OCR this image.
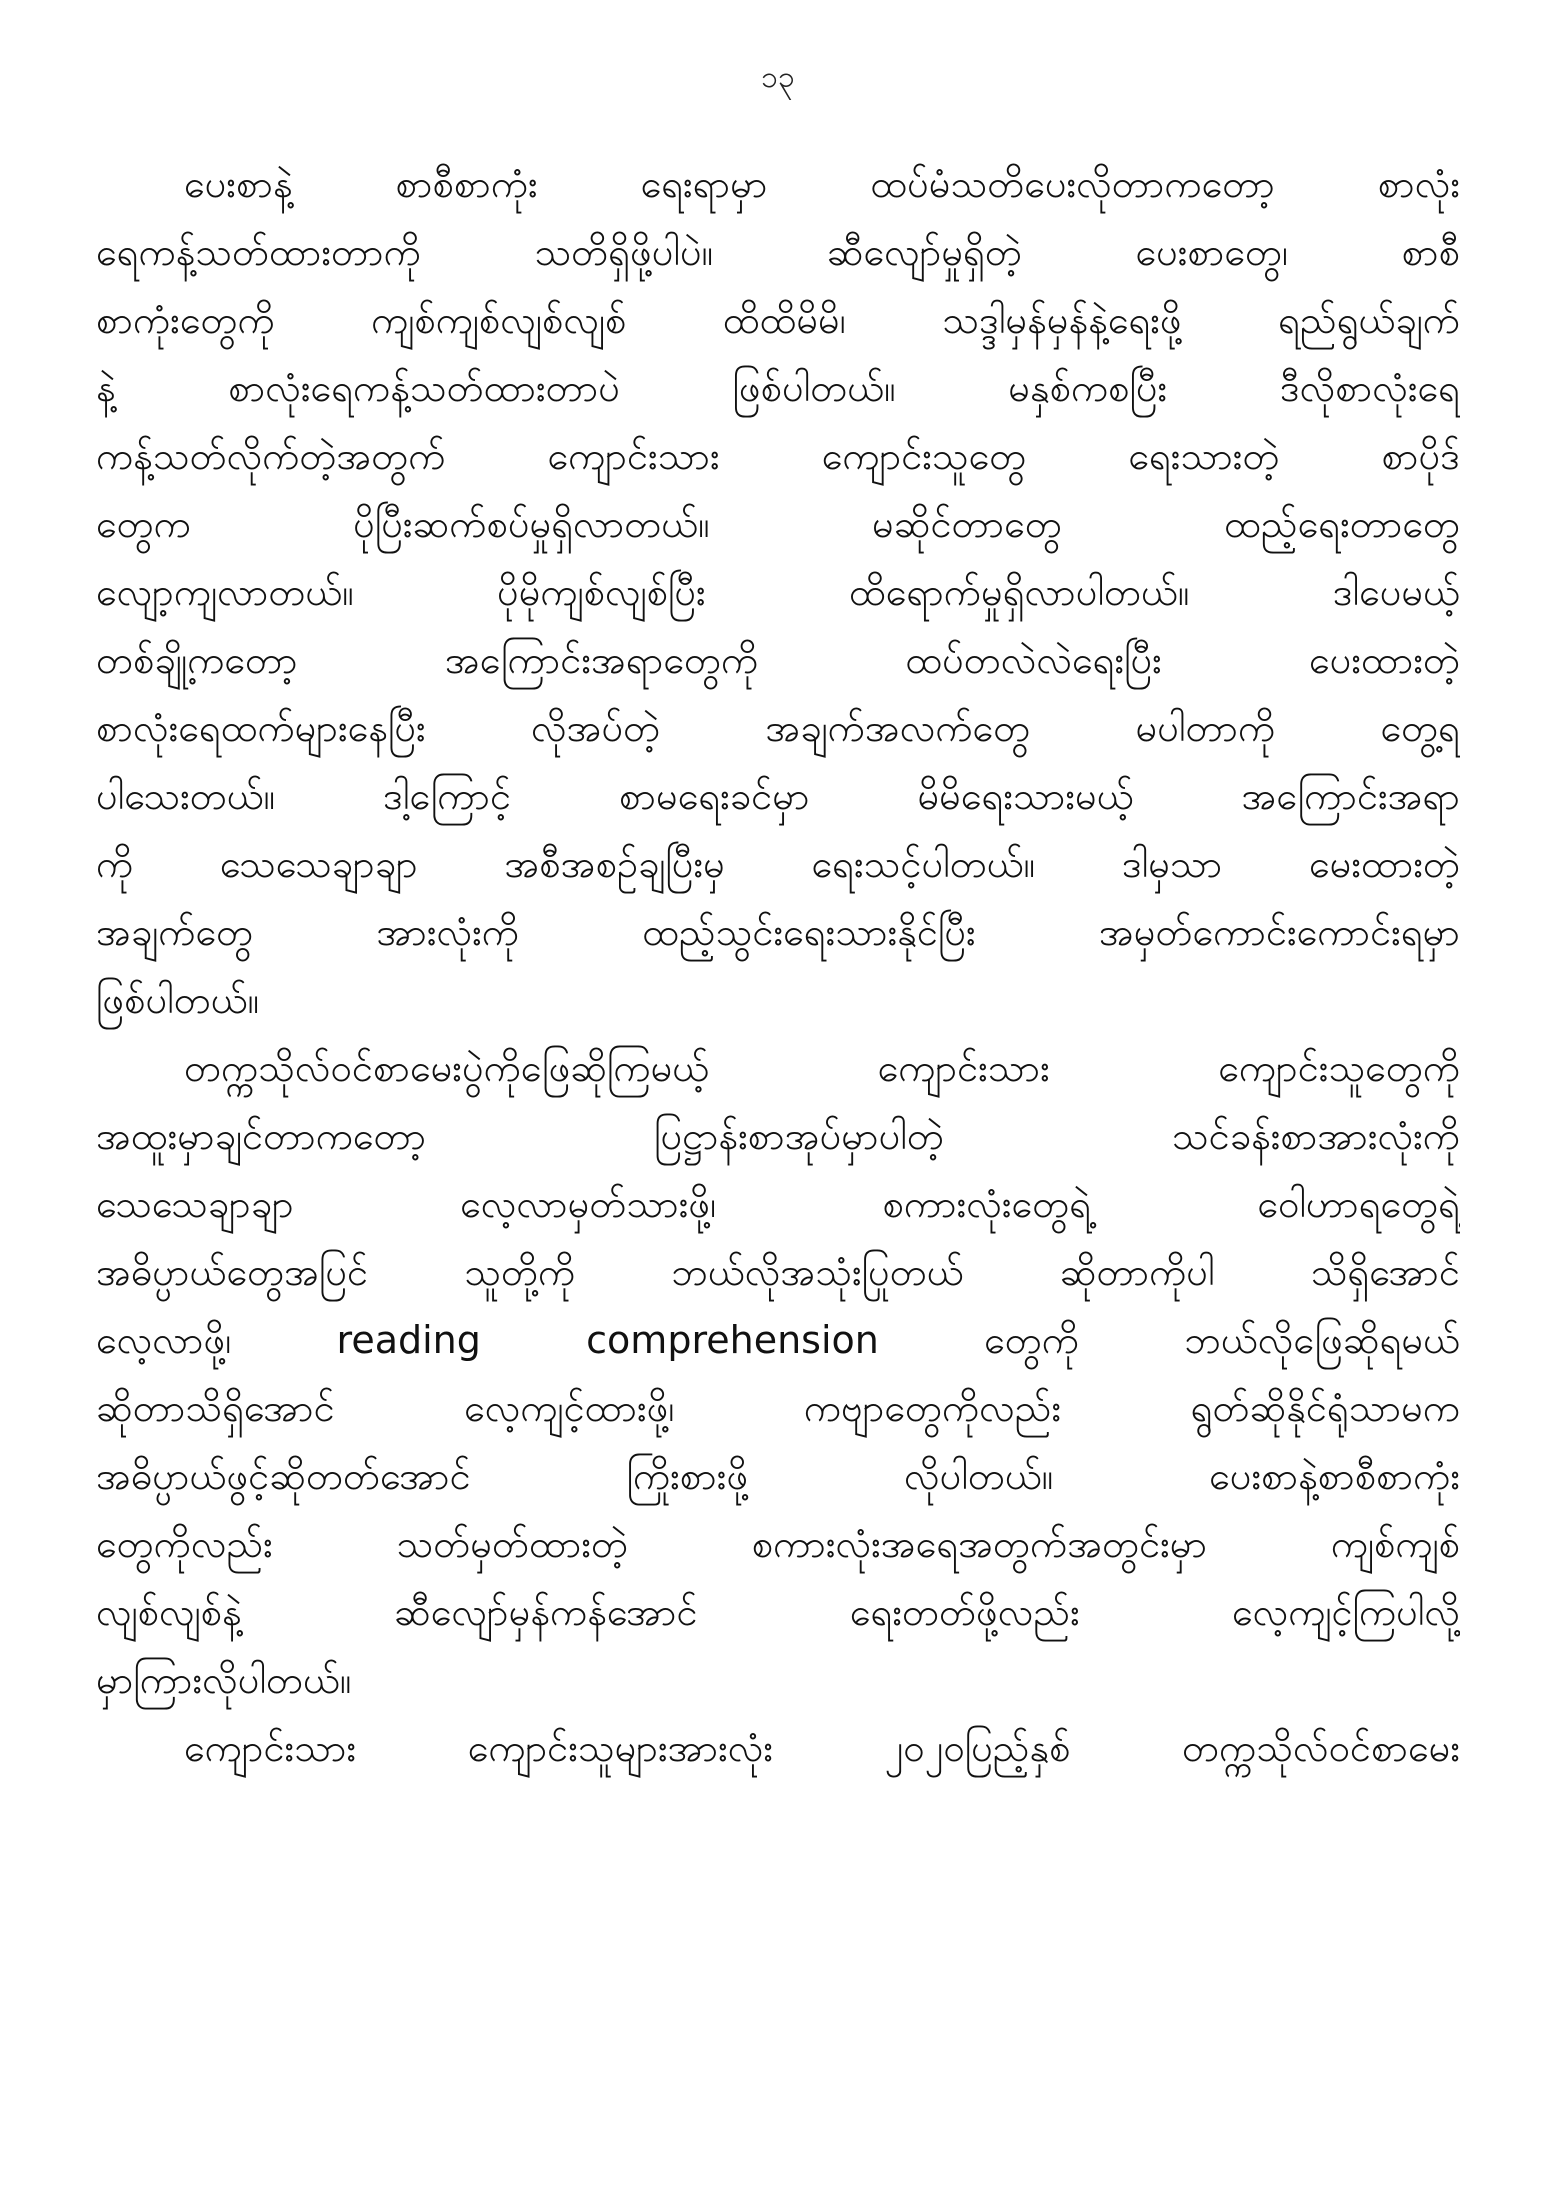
၁၃
ပေးစာနဲ့ စာစီစာကုံး ရေးရာမှာ ထပ်မံသတိပေးလိုတာကတော့ စာလုံး
ရေကန့်သတ်ထားတာကို သတိရှိဖို့ပါပဲ။ ဆီလျော်မှုရှိတဲ့ ပေးစာတွေ၊ စာစီ
စာကုံးတွေကို ကျစ်ကျစ်လျစ်လျစ် ထိထိမိမိ၊ သဒ္ဒါမှန်မှန်နဲ့ရေးဖို့ ရည်ရွယ်ချက်
နဲ့ စာလုံးရေကန့်သတ်ထားတာပဲ ဖြစ်ပါတယ်။ မနှစ်ကစပြီး ဒီလိုစာလုံးရေ
ကန့်သတ်လိုက်တဲ့အတွက် ကျောင်းသား ကျောင်းသူတွေ ရေးသားတဲ့ စာပိုဒ်
တွေက ပိုပြီးဆက်စပ်မှုရှိလာတယ်။ မဆိုင်တာတွေ ထည့်ရေးတာတွေ
လျော့ကျလာတယ်။ ပိုမိုကျစ်လျစ်ပြီး ထိရောက်မှုရှိလာပါတယ်။ ဒါပေမယ့်
တစ်ချို့ကတော့ အကြောင်းအရာတွေကို ထပ်တလဲလဲရေးပြီး ပေးထားတဲ့
စာလုံးရေထက်များနေပြီး လိုအပ်တဲ့ အချက်အလက်တွေ မပါတာကို တွေ့ရ
ပါသေးတယ်။ ဒါ့ကြောင့် စာမရေးခင်မှာ မိမိရေးသားမယ့် အကြောင်းအရာ
ကို သေသေချာချာ အစီအစဉ်ချပြီးမှ ရေးသင့်ပါတယ်။ ဒါမှသာ မေးထားတဲ့
အချက်တွေ အားလုံးကို ထည့်သွင်းရေးသားနိုင်ပြီး အမှတ်ကောင်းကောင်းရမှာ
ဖြစ်ပါတယ်။
တက္ကသိုလ်ဝင်စာမေးပွဲကိုဖြေဆိုကြမယ့် ကျောင်းသား ကျောင်းသူတွေကို
အထူးမှာချင်တာကတော့ ပြဋ္ဌာန်းစာအုပ်မှာပါတဲ့ သင်ခန်းစာအားလုံးကို
သေသေချာချာ လေ့လာမှတ်သားဖို့၊ စကားလုံးတွေရဲ့ ဝေါဟာရတွေရဲ့
အဓိပ္ပာယ်တွေအပြင် သူတို့ကို ဘယ်လိုအသုံးပြုတယ် ဆိုတာကိုပါ သိရှိအောင်
လေ့လာဖို့၊ reading comprehension တွေကို ဘယ်လိုဖြေဆိုရမယ်
ဆိုတာသိရှိအောင် လေ့ကျင့်ထားဖို့၊ ကဗျာတွေကိုလည်း ရွတ်ဆိုနိုင်ရုံသာမက
အဓိပ္ပာယ်ဖွင့်ဆိုတတ်အောင် ကြိုးစားဖို့ လိုပါတယ်။ ပေးစာနဲ့စာစီစာကုံး
တွေကိုလည်း သတ်မှတ်ထားတဲ့ စကားလုံးအရေအတွက်အတွင်းမှာ ကျစ်ကျစ်
လျစ်လျစ်နဲ့ ဆီလျော်မှန်ကန်အောင် ရေးတတ်ဖို့လည်း လေ့ကျင့်ကြပါလို့
မှာကြားလိုပါတယ်။
ကျောင်းသား ကျောင်းသူများအားလုံး ၂၀၂၀ပြည့်နှစ် တက္ကသိုလ်ဝင်စာမေး
